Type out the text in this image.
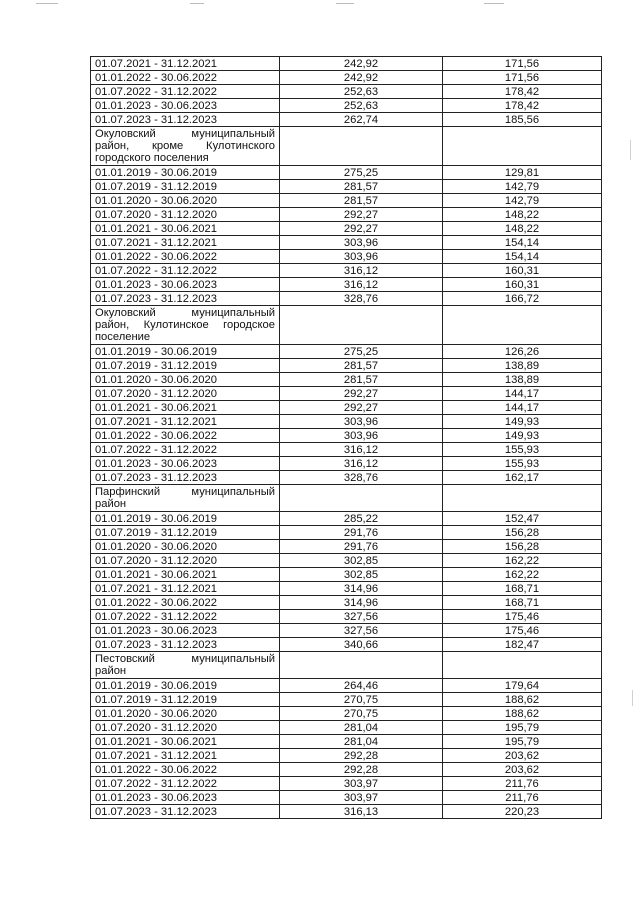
01.07.2021 - 31.12.2021	242,92	171,56
01.01.2022 - 30.06.2022	242,92	171,56
01.07.2022 - 31.12.2022	252,63	178,42
01.01.2023 - 30.06.2023	252,63	178,42
01.07.2023 - 31.12.2023	262,74	185,56
Окуловский муниципальный район, кроме Кулотинского городского поселения		
01.01.2019 - 30.06.2019	275,25	129,81
01.07.2019 - 31.12.2019	281,57	142,79
01.01.2020 - 30.06.2020	281,57	142,79
01.07.2020 - 31.12.2020	292,27	148,22
01.01.2021 - 30.06.2021	292,27	148,22
01.07.2021 - 31.12.2021	303,96	154,14
01.01.2022 - 30.06.2022	303,96	154,14
01.07.2022 - 31.12.2022	316,12	160,31
01.01.2023 - 30.06.2023	316,12	160,31
01.07.2023 - 31.12.2023	328,76	166,72
Окуловский муниципальный район, Кулотинское городское поселение		
01.01.2019 - 30.06.2019	275,25	126,26
01.07.2019 - 31.12.2019	281,57	138,89
01.01.2020 - 30.06.2020	281,57	138,89
01.07.2020 - 31.12.2020	292,27	144,17
01.01.2021 - 30.06.2021	292,27	144,17
01.07.2021 - 31.12.2021	303,96	149,93
01.01.2022 - 30.06.2022	303,96	149,93
01.07.2022 - 31.12.2022	316,12	155,93
01.01.2023 - 30.06.2023	316,12	155,93
01.07.2023 - 31.12.2023	328,76	162,17
Парфинский муниципальный район		
01.01.2019 - 30.06.2019	285,22	152,47
01.07.2019 - 31.12.2019	291,76	156,28
01.01.2020 - 30.06.2020	291,76	156,28
01.07.2020 - 31.12.2020	302,85	162,22
01.01.2021 - 30.06.2021	302,85	162,22
01.07.2021 - 31.12.2021	314,96	168,71
01.01.2022 - 30.06.2022	314,96	168,71
01.07.2022 - 31.12.2022	327,56	175,46
01.01.2023 - 30.06.2023	327,56	175,46
01.07.2023 - 31.12.2023	340,66	182,47
Пестовский муниципальный район		
01.01.2019 - 30.06.2019	264,46	179,64
01.07.2019 - 31.12.2019	270,75	188,62
01.01.2020 - 30.06.2020	270,75	188,62
01.07.2020 - 31.12.2020	281,04	195,79
01.01.2021 - 30.06.2021	281,04	195,79
01.07.2021 - 31.12.2021	292,28	203,62
01.01.2022 - 30.06.2022	292,28	203,62
01.07.2022 - 31.12.2022	303,97	211,76
01.01.2023 - 30.06.2023	303,97	211,76
01.07.2023 - 31.12.2023	316,13	220,23
